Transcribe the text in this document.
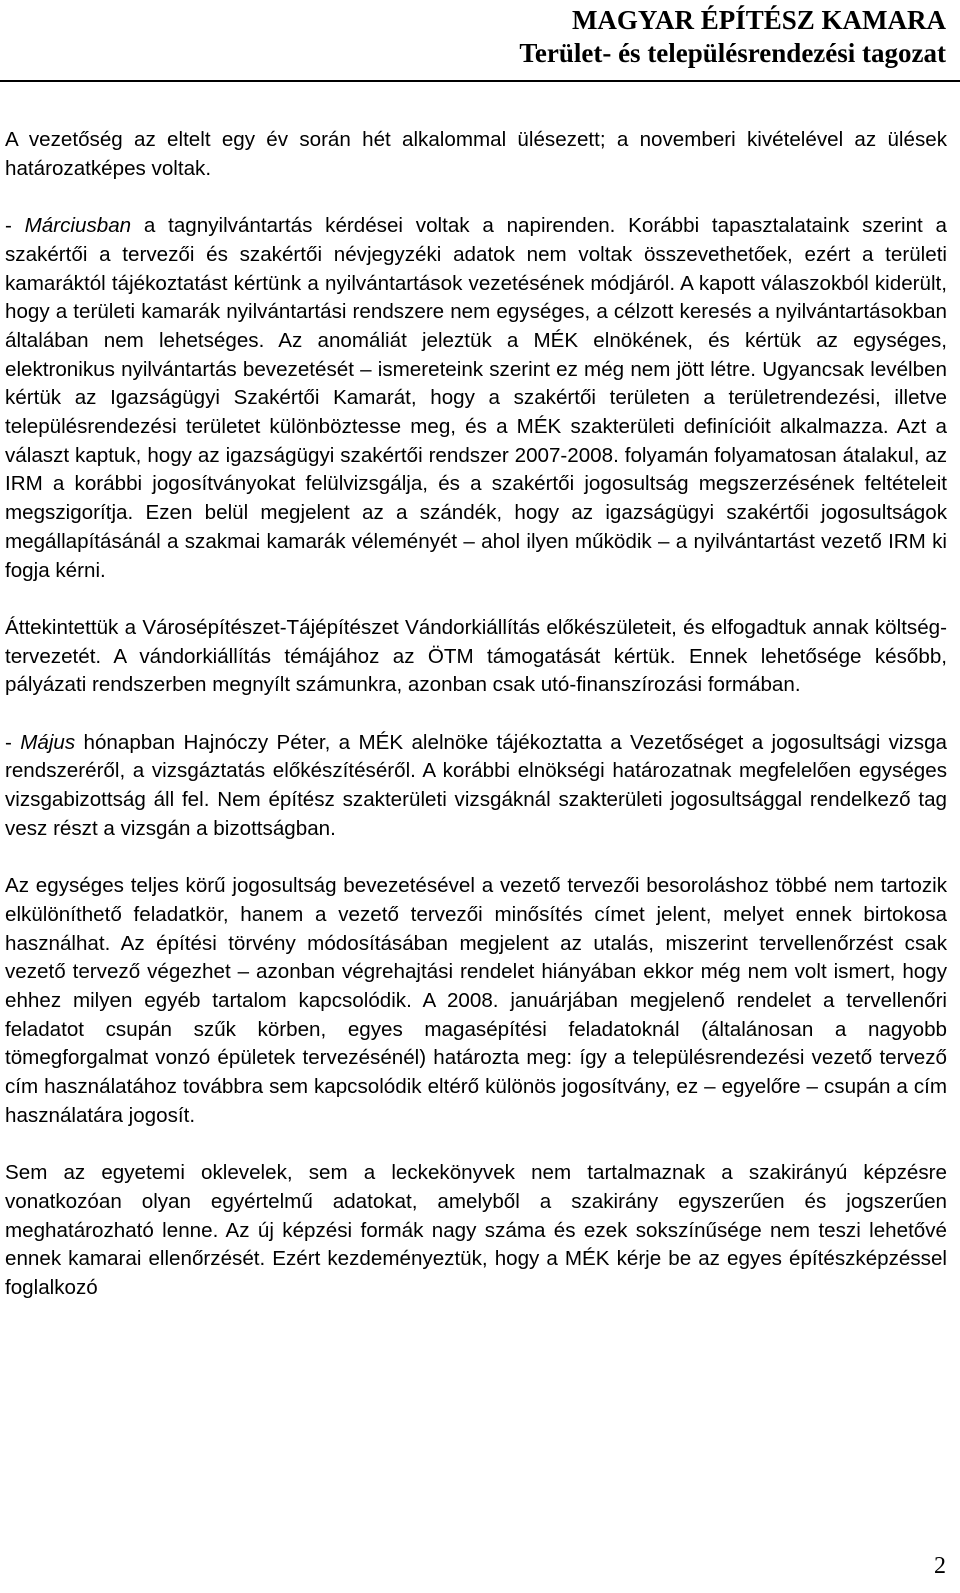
MAGYAR ÉPÍTÉSZ KAMARA
Terület- és településrendezési tagozat

A vezetőség az eltelt egy év során hét alkalommal ülésezett; a novemberi kivételével az ülések határozatképes voltak.

- Márciusban a tagnyilvántartás kérdései voltak a napirenden. Korábbi tapasztalataink szerint a szakértői a tervezői és szakértői névjegyzéki adatok nem voltak összevethetőek, ezért a területi kamaráktól tájékoztatást kértünk a nyilvántartások vezetésének módjáról. A kapott válaszokból kiderült, hogy a területi kamarák nyilvántartási rendszere nem egységes, a célzott keresés a nyilvántartásokban általában nem lehetséges. Az anomáliát jeleztük a MÉK elnökének, és kértük az egységes, elektronikus nyilvántartás bevezetését – ismereteink szerint ez még nem jött létre. Ugyancsak levélben kértük az Igazságügyi Szakértői Kamarát, hogy a szakértői területen a területrendezési, illetve településrendezési területet különböztesse meg, és a MÉK szakterületi definícióit alkalmazza. Azt a választ kaptuk, hogy az igazságügyi szakértői rendszer 2007-2008. folyamán folyamatosan átalakul, az IRM a korábbi jogosítványokat felülvizsgálja, és a szakértői jogosultság megszerzésének feltételeit megszigorítja. Ezen belül megjelent az a szándék, hogy az igazságügyi szakértői jogosultságok megállapításánál a szakmai kamarák véleményét – ahol ilyen működik – a nyilvántartást vezető IRM ki fogja kérni.

Áttekintettük a Városépítészet-Tájépítészet Vándorkiállítás előkészületeit, és elfogadtuk annak költség-tervezetét. A vándorkiállítás témájához az ÖTM támogatását kértük. Ennek lehetősége később, pályázati rendszerben megnyílt számunkra, azonban csak utó-finanszírozási formában.

- Május hónapban Hajnóczy Péter, a MÉK alelnöke tájékoztatta a Vezetőséget a jogosultsági vizsga rendszeréről, a vizsgáztatás előkészítéséről. A korábbi elnökségi határozatnak megfelelően egységes vizsgabizottság áll fel. Nem építész szakterületi vizsgáknál szakterületi jogosultsággal rendelkező tag vesz részt a vizsgán a bizottságban.

Az egységes teljes körű jogosultság bevezetésével a vezető tervezői besoroláshoz többé nem tartozik elkülöníthető feladatkör, hanem a vezető tervezői minősítés címet jelent, melyet ennek birtokosa használhat. Az építési törvény módosításában megjelent az utalás, miszerint tervellenőrzést csak vezető tervező végezhet – azonban végrehajtási rendelet hiányában ekkor még nem volt ismert, hogy ehhez milyen egyéb tartalom kapcsolódik. A 2008. januárjában megjelenő rendelet a tervellenőri feladatot csupán szűk körben, egyes magasépítési feladatoknál (általánosan a nagyobb tömegforgalmat vonzó épületek tervezésénél) határozta meg: így a településrendezési vezető tervező cím használatához továbbra sem kapcsolódik eltérő különös jogosítvány, ez – egyelőre – csupán a cím használatára jogosít.

Sem az egyetemi oklevelek, sem a leckekönyvek nem tartalmaznak a szakirányú képzésre vonatkozóan olyan egyértelmű adatokat, amelyből a szakirány egyszerűen és jogszerűen meghatározható lenne. Az új képzési formák nagy száma és ezek sokszínűsége nem teszi lehetővé ennek kamarai ellenőrzését. Ezért kezdeményeztük, hogy a MÉK kérje be az egyes építészképzéssel foglalkozó

2
